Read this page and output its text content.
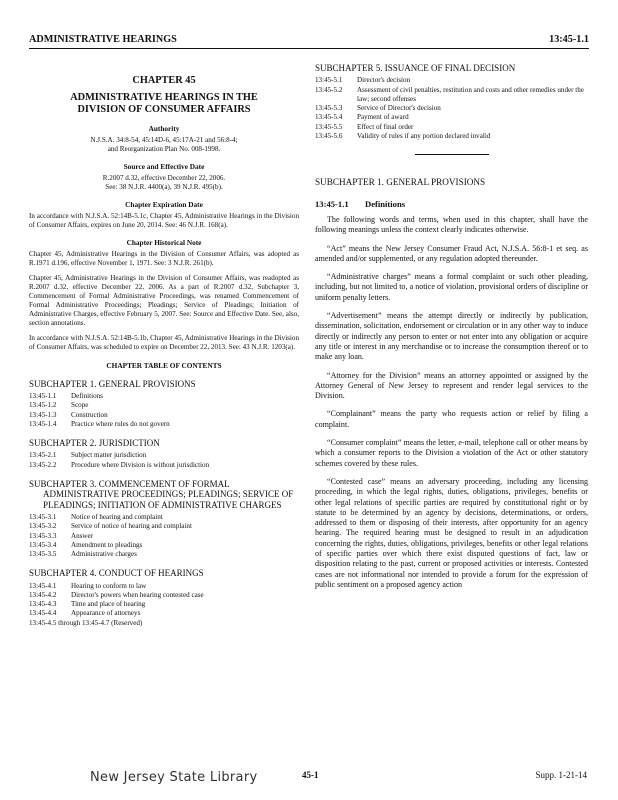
ADMINISTRATIVE HEARINGS	13:45-1.1
CHAPTER 45
ADMINISTRATIVE HEARINGS IN THE
DIVISION OF CONSUMER AFFAIRS
Authority
N.J.S.A. 34:8-54, 45:14D-6, 45:17A-21 and 56:8-4;
and Reorganization Plan No. 008-1998.
Source and Effective Date
R.2007 d.32, effective December 22, 2006.
See: 38 N.J.R. 4400(a), 39 N.J.R. 495(b).
Chapter Expiration Date
In accordance with N.J.S.A. 52:14B-5.1c, Chapter 45, Administrative Hearings in the Division of Consumer Affairs, expires on June 20, 2014. See: 46 N.J.R. 168(a).
Chapter Historical Note
Chapter 45, Administrative Hearings in the Division of Consumer Affairs, was adopted as R.1971 d.196, effective November 1, 1971. See: 3 N.J.R. 261(b).
Chapter 45, Administrative Hearings in the Division of Consumer Affairs, was readopted as R.2007 d.32, effective December 22, 2006. As a part of R.2007 d.32, Subchapter 3, Commencement of Formal Administrative Proceedings, was renamed Commencement of Formal Administrative Proceedings; Pleadings; Service of Pleadings; Initiation of Administrative Charges, effective February 5, 2007. See: Source and Effective Date. See, also, section annotations.
In accordance with N.J.S.A. 52:14B-5.1b, Chapter 45, Administrative Hearings in the Division of Consumer Affairs, was scheduled to expire on December 22, 2013. See: 43 N.J.R. 1203(a).
CHAPTER TABLE OF CONTENTS
SUBCHAPTER 1. GENERAL PROVISIONS
13:45-1.1	Definitions
13:45-1.2	Scope
13:45-1.3	Construction
13:45-1.4	Practice where rules do not govern
SUBCHAPTER 2. JURISDICTION
13:45-2.1	Subject matter jurisdiction
13:45-2.2	Procedure where Division is without jurisdiction
SUBCHAPTER 3. COMMENCEMENT OF FORMAL ADMINISTRATIVE PROCEEDINGS; PLEADINGS; SERVICE OF PLEADINGS; INITIATION OF ADMINISTRATIVE CHARGES
13:45-3.1	Notice of hearing and complaint
13:45-3.2	Service of notice of hearing and complaint
13:45-3.3	Answer
13:45-3.4	Amendment to pleadings
13:45-3.5	Administrative charges
SUBCHAPTER 4. CONDUCT OF HEARINGS
13:45-4.1	Hearing to conform to law
13:45-4.2	Director's powers when hearing contested case
13:45-4.3	Time and place of hearing
13:45-4.4	Appearance of attorneys
13:45-4.5 through 13:45-4.7 (Reserved)
SUBCHAPTER 5. ISSUANCE OF FINAL DECISION
13:45-5.1	Director's decision
13:45-5.2	Assessment of civil penalties, restitution and costs and other remedies under the law; second offenses
13:45-5.3	Service of Director's decision
13:45-5.4	Payment of award
13:45-5.5	Effect of final order
13:45-5.6	Validity of rules if any portion declared invalid
SUBCHAPTER 1. GENERAL PROVISIONS
13:45-1.1 Definitions
The following words and terms, when used in this chapter, shall have the following meanings unless the context clearly indicates otherwise.
“Act” means the New Jersey Consumer Fraud Act, N.J.S.A. 56:8-1 et seq. as amended and/or supplemented, or any regulation adopted thereunder.
“Administrative charges” means a formal complaint or such other pleading, including, but not limited to, a notice of violation, provisional orders of discipline or uniform penalty letters.
“Advertisement” means the attempt directly or indirectly by publication, dissemination, solicitation, endorsement or circulation or in any other way to induce directly or indirectly any person to enter or not enter into any obligation or acquire any title or interest in any merchandise or to increase the consumption thereof or to make any loan.
“Attorney for the Division” means an attorney appointed or assigned by the Attorney General of New Jersey to represent and render legal services to the Division.
“Complainant” means the party who requests action or relief by filing a complaint.
“Consumer complaint” means the letter, e-mail, telephone call or other means by which a consumer reports to the Division a violation of the Act or other statutory schemes covered by these rules.
“Contested case” means an adversary proceeding, including any licensing proceeding, in which the legal rights, duties, obligations, privileges, benefits or other legal relations of specific parties are required by constitutional right or by statute to be determined by an agency by decisions, determinations, or orders, addressed to them or disposing of their interests, after opportunity for an agency hearing. The required hearing must be designed to result in an adjudication concerning the rights, duties, obligations, privileges, benefits or other legal relations of specific parties over which there exist disputed questions of fact, law or disposition relating to the past, current or proposed activities or interests. Contested cases are not informational nor intended to provide a forum for the expression of public sentiment on a proposed agency action
New Jersey State Library	45-1	Supp. 1-21-14
